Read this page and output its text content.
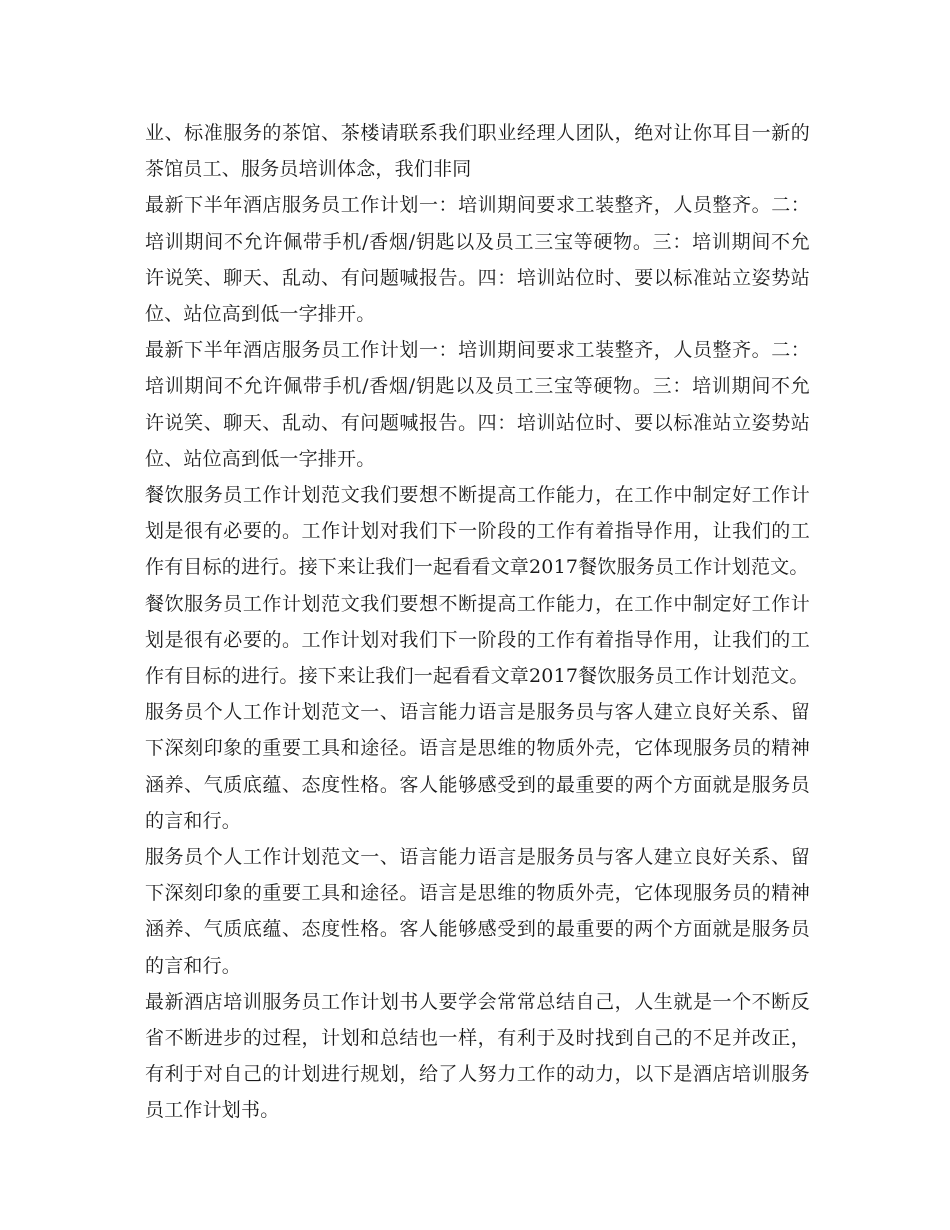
业、标准服务的茶馆、茶楼请联系我们职业经理人团队，绝对让你耳目一新的茶馆员工、服务员培训体念，我们非同

最新下半年酒店服务员工作计划一：培训期间要求工装整齐，人员整齐。二：培训期间不允许佩带手机/香烟/钥匙以及员工三宝等硬物。三：培训期间不允许说笑、聊天、乱动、有问题喊报告。四：培训站位时、要以标准站立姿势站位、站位高到低一字排开。

最新下半年酒店服务员工作计划一：培训期间要求工装整齐，人员整齐。二：培训期间不允许佩带手机/香烟/钥匙以及员工三宝等硬物。三：培训期间不允许说笑、聊天、乱动、有问题喊报告。四：培训站位时、要以标准站立姿势站位、站位高到低一字排开。

餐饮服务员工作计划范文我们要想不断提高工作能力，在工作中制定好工作计划是很有必要的。工作计划对我们下一阶段的工作有着指导作用，让我们的工作有目标的进行。接下来让我们一起看看文章2017餐饮服务员工作计划范文。

餐饮服务员工作计划范文我们要想不断提高工作能力，在工作中制定好工作计划是很有必要的。工作计划对我们下一阶段的工作有着指导作用，让我们的工作有目标的进行。接下来让我们一起看看文章2017餐饮服务员工作计划范文。

服务员个人工作计划范文一、语言能力语言是服务员与客人建立良好关系、留下深刻印象的重要工具和途径。语言是思维的物质外壳，它体现服务员的精神涵养、气质底蕴、态度性格。客人能够感受到的最重要的两个方面就是服务员的言和行。

服务员个人工作计划范文一、语言能力语言是服务员与客人建立良好关系、留下深刻印象的重要工具和途径。语言是思维的物质外壳，它体现服务员的精神涵养、气质底蕴、态度性格。客人能够感受到的最重要的两个方面就是服务员的言和行。

最新酒店培训服务员工作计划书人要学会常常总结自己，人生就是一个不断反省不断进步的过程，计划和总结也一样，有利于及时找到自己的不足并改正，有利于对自己的计划进行规划，给了人努力工作的动力，以下是酒店培训服务员工作计划书。
